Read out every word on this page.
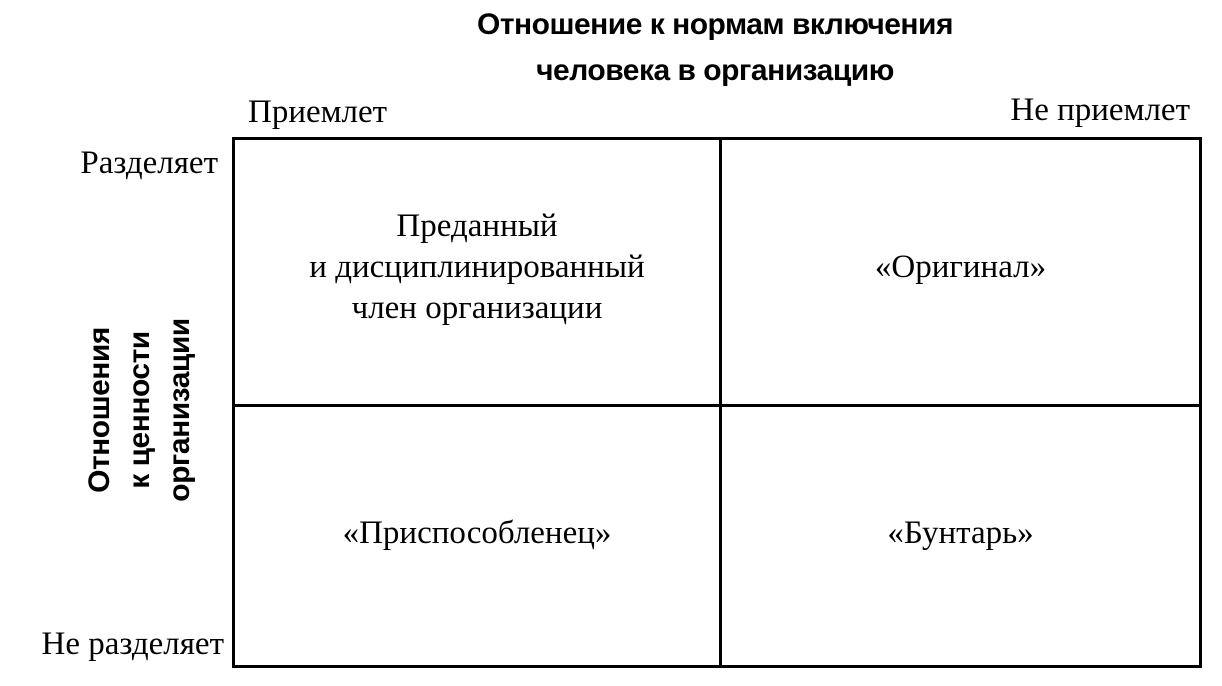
Отношение к нормам включения
человека в организацию
Приемлет	Не приемлет
Разделяет
Не разделяет
Отношения к ценности организации
Преданный
и дисциплинированный
член организации
«Оригинал»
«Приспособленец»	«Бунтарь»
